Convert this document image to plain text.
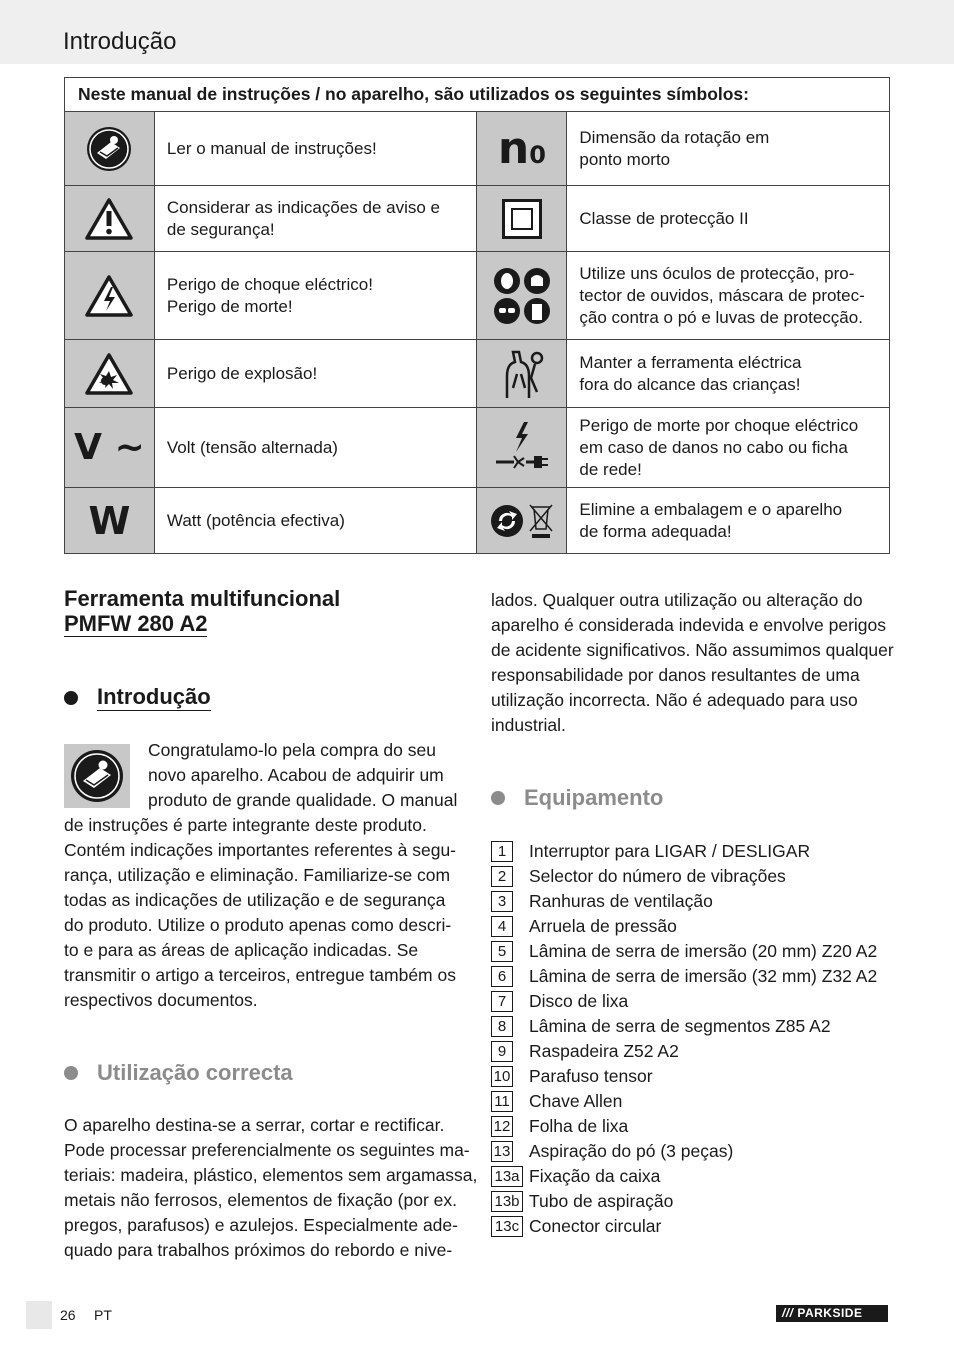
Introdução
Neste manual de instruções / no aparelho, são utilizados os seguintes símbolos:			

Ler o manual de instruções!	n0	Dimensão da rotação em
ponto morto

Considerar as indicações de aviso e
de segurança!		Classe de protecção II

Perigo de choque eléctrico!
Perigo de morte!		Utilize uns óculos de protecção, pro-
tector de ouvidos, máscara de protec-
ção contra o pó e luvas de protecção.

Perigo de explosão!		Manter a ferramenta eléctrica
fora do alcance das crianças!

V ~	Volt (tensão alternada)		Perigo de morte por choque eléctrico
em caso de danos no cabo ou ficha
de rede!

W	Watt (potência efectiva)		Elimine a embalagem e o aparelho
de forma adequada!
Ferramenta multifuncional
PMFW 280 A2
Introdução

Congratulamo-lo pela compra do seu
novo aparelho. Acabou de adquirir um
produto de grande qualidade. O manual

de instruções é parte integrante deste produto.
Contém indicações importantes referentes à segu-
rança, utilização e eliminação. Familiarize-se com
todas as indicações de utilização e de segurança
do produto. Utilize o produto apenas como descri-
to e para as áreas de aplicação indicadas. Se
transmitir o artigo a terceiros, entregue também os
respectivos documentos.

Utilização correcta

O aparelho destina-se a serrar, cortar e rectificar.
Pode processar preferencialmente os seguintes ma-
teriais: madeira, plástico, elementos sem argamassa,
metais não ferrosos, elementos de fixação (por ex.
pregos, parafusos) e azulejos. Especialmente ade-
quado para trabalhos próximos do rebordo e nive-

lados. Qualquer outra utilização ou alteração do
aparelho é considerada indevida e envolve perigos
de acidente significativos. Não assumimos qualquer
responsabilidade por danos resultantes de uma
utilização incorrecta. Não é adequado para uso
industrial.

Equipamento
1	Interruptor para LIGAR / DESLIGAR
2	Selector do número de vibrações
3	Ranhuras de ventilação
4	Arruela de pressão
5	Lâmina de serra de imersão (20 mm) Z20 A2
6	Lâmina de serra de imersão (32 mm) Z32 A2
7	Disco de lixa
8	Lâmina de serra de segmentos Z85 A2
9	Raspadeira Z52 A2
10 Parafuso tensor
11 Chave Allen
12 Folha de lixa
13 Aspiração do pó (3 peças)
13a Fixação da caixa
13b Tubo de aspiração
13c Conector circular
26 PT	/// PARKSIDE
